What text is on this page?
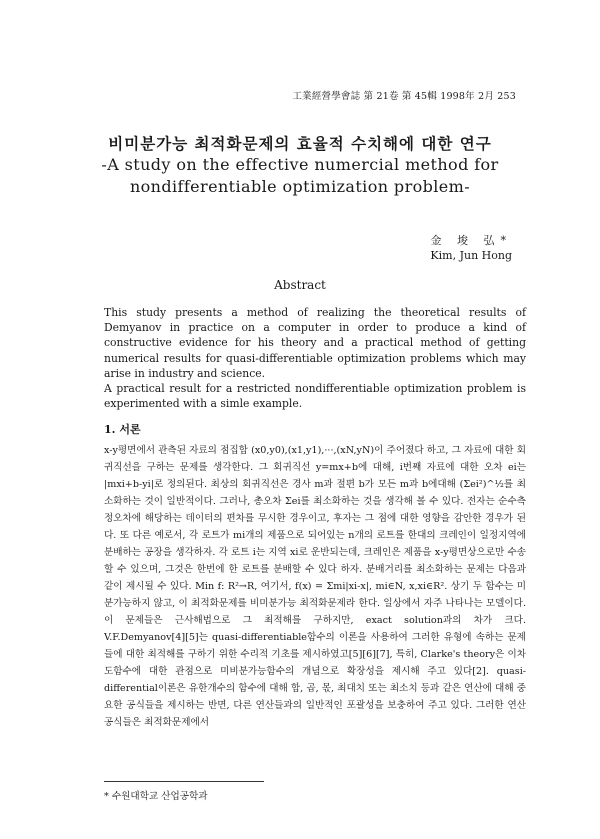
工業經營學會誌 第 21卷 第 45輯 1998年 2月 253
비미분가능 최적화문제의 효율적 수치해에 대한 연구
-A study on the effective numercial method for
nondifferentiable optimization problem-
金 埈 弘*
Kim, Jun Hong
Abstract

This study presents a method of realizing the theoretical results of Demyanov in practice on a computer in order to produce a kind of constructive evidence for his theory and a practical method of getting numerical results for quasi-differentiable optimization problems which may arise in industry and science.

A practical result for a restricted nondifferentiable optimization problem is experimented with a simle example.

1. 서론

x-y평면에서 관측된 자료의 점집합 (x0,y0),(x1,y1),···,(xN,yN)이 주어졌다 하고, 그 자료에 대한 회귀직선을 구하는 문제를 생각한다. 그 회귀직선 y=mx+b에 대해, i번째 자료에 대한 오차 ei는 |mxi+b-yi|로 정의된다. 최상의 회귀직선은 경사 m과 절편 b가 모든 m과 b에대해 (Σei²)^½를 최소화하는 것이 일반적이다. 그러나, 총오차 Σei를 최소화하는 것을 생각해 볼 수 있다. 전자는 순수측정오차에 해당하는 데이터의 편차를 무시한 경우이고, 후자는 그 점에 대한 영향을 감안한 경우가 된다. 또 다른 예로서, 각 로트가 mi개의 제품으로 되어있는 n개의 로트를 한대의 크레인이 일정지역에 분배하는 공장을 생각하자. 각 로트 i는 지역 xi로 운반되는데, 크레인은 제품을 x-y평면상으로만 수송할 수 있으며, 그것은 한번에 한 로트를 분배할 수 있다 하자. 분배거리를 최소화하는 문제는 다음과 같이 제시될 수 있다. Min f: R²→R, 여기서, f(x) = Σmi|xi-x|, mi∈N, x,xi∈R². 상기 두 함수는 미분가능하지 않고, 이 최적화문제를 비미분가능 최적화문제라 한다. 일상에서 자주 나타나는 모델이다. 이 문제들은 근사해법으로 그 최적해를 구하지만, exact solution과의 차가 크다. V.F.Demyanov[4][5]는 quasi-differentiable함수의 이론을 사용하여 그러한 유형에 속하는 문제들에 대한 최적해를 구하기 위한 수리적 기초를 제시하였고[5][6][7], 특히, Clarke's theory은 이차도함수에 대한 관점으로 미비분가능함수의 개념으로 확장성을 제시해 주고 있다[2]. quasi-differential이론은 유한개수의 함수에 대해 합, 곱, 몫, 최대치 또는 최소치 등과 같은 연산에 대해 중요한 공식들을 제시하는 반면, 다른 연산들과의 일반적인 포괄성을 보충하여 주고 있다. 그러한 연산공식들은 최적화문제에서

* 수원대학교 산업공학과
